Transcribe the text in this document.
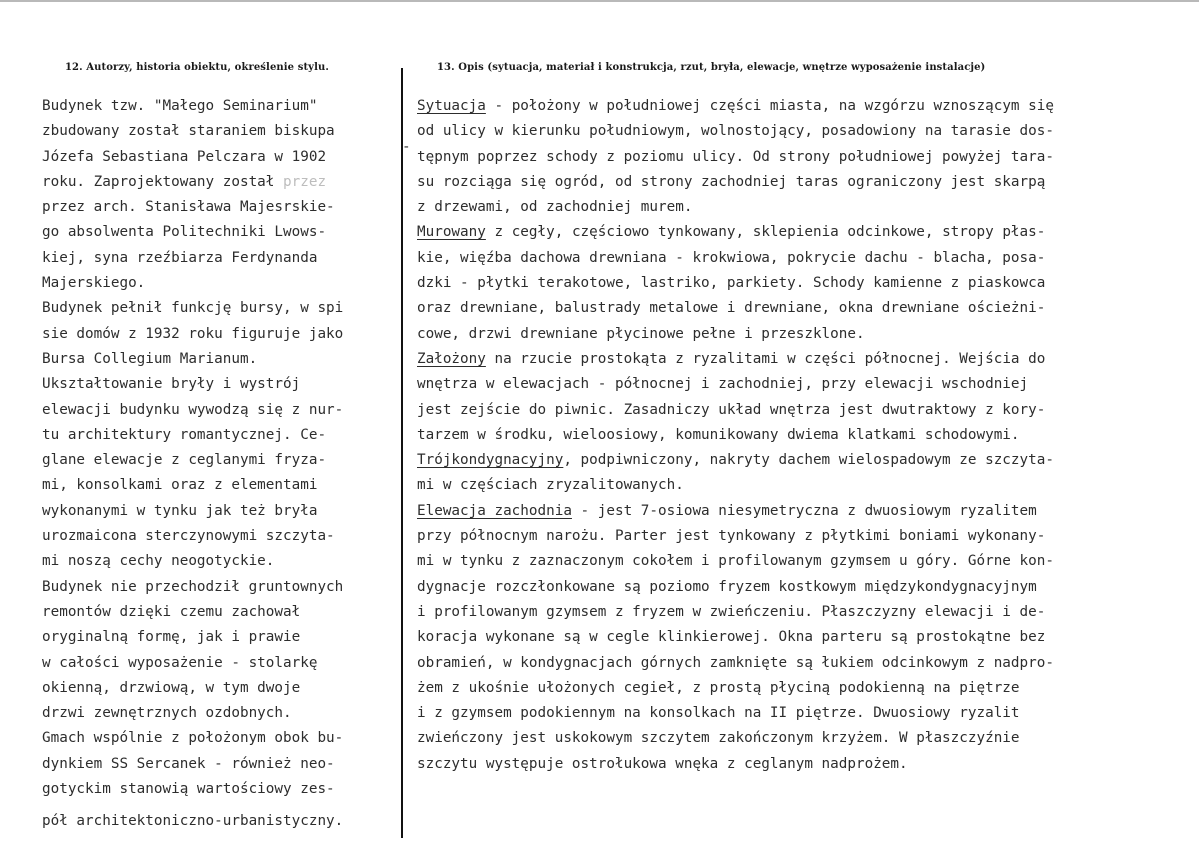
12. Autorzy, historia obiektu, określenie stylu.	13. Opis (sytuacja, materiał i konstrukcja, rzut, bryła, elewacje, wnętrze wyposażenie instalacje)
Budynek tzw. "Małego Seminarium"
zbudowany został staraniem biskupa
Józefa Sebastiana Pelczara w 1902
roku. Zaprojektowany został przez
przez arch. Stanisława Majesrskie-
go absolwenta Politechniki Lwows-
kiej, syna rzeźbiarza Ferdynanda
Majerskiego.
Budynek pełnił funkcję bursy, w spi
sie domów z 1932 roku figuruje jako
Bursa Collegium Marianum.
Ukształtowanie bryły i wystrój
elewacji budynku wywodzą się z nur-
tu architektury romantycznej. Ce-
glane elewacje z ceglanymi fryza-
mi, konsolkami oraz z elementami
wykonanymi w tynku jak też bryła
urozmaicona sterczynowymi szczyta-
mi noszą cechy neogotyckie.
Budynek nie przechodził gruntownych
remontów dzięki czemu zachował
oryginalną formę, jak i prawie
w całości wyposażenie - stolarkę
okienną, drzwiową, w tym dwoje
drzwi zewnętrznych ozdobnych.
Gmach wspólnie z położonym obok bu-
dynkiem SS Sercanek - również neo-
gotyckim stanowią wartościowy zes-
pół architektoniczno-urbanistyczny.
-
Sytuacja - położony w południowej części miasta, na wzgórzu wznoszącym się
od ulicy w kierunku południowym, wolnostojący, posadowiony na tarasie dos-
tępnym poprzez schody z poziomu ulicy. Od strony południowej powyżej tara-
su rozciąga się ogród, od strony zachodniej taras ograniczony jest skarpą
z drzewami, od zachodniej murem.
Murowany z cegły, częściowo tynkowany, sklepienia odcinkowe, stropy płas-
kie, więźba dachowa drewniana - krokwiowa, pokrycie dachu - blacha, posa-
dzki - płytki terakotowe, lastriko, parkiety. Schody kamienne z piaskowca
oraz drewniane, balustrady metalowe i drewniane, okna drewniane ościeżni-
cowe, drzwi drewniane płycinowe pełne i przeszklone.
Założony na rzucie prostokąta z ryzalitami w części północnej. Wejścia do
wnętrza w elewacjach - północnej i zachodniej, przy elewacji wschodniej
jest zejście do piwnic. Zasadniczy układ wnętrza jest dwutraktowy z kory-
tarzem w środku, wieloosiowy, komunikowany dwiema klatkami schodowymi.
Trójkondygnacyjny, podpiwniczony, nakryty dachem wielospadowym ze szczyta-
mi w częściach zryzalitowanych.
Elewacja zachodnia - jest 7-osiowa niesymetryczna z dwuosiowym ryzalitem
przy północnym narożu. Parter jest tynkowany z płytkimi boniami wykonany-
mi w tynku z zaznaczonym cokołem i profilowanym gzymsem u góry. Górne kon-
dygnacje rozczłonkowane są poziomo fryzem kostkowym międzykondygnacyjnym
i profilowanym gzymsem z fryzem w zwieńczeniu. Płaszczyzny elewacji i de-
koracja wykonane są w cegle klinkierowej. Okna parteru są prostokątne bez
obramień, w kondygnacjach górnych zamknięte są łukiem odcinkowym z nadpro-
żem z ukośnie ułożonych cegieł, z prostą płyciną podokienną na piętrze
i z gzymsem podokiennym na konsolkach na II piętrze. Dwuosiowy ryzalit
zwieńczony jest uskokowym szczytem zakończonym krzyżem. W płaszczyźnie
szczytu występuje ostrołukowa wnęka z ceglanym nadprożem.
